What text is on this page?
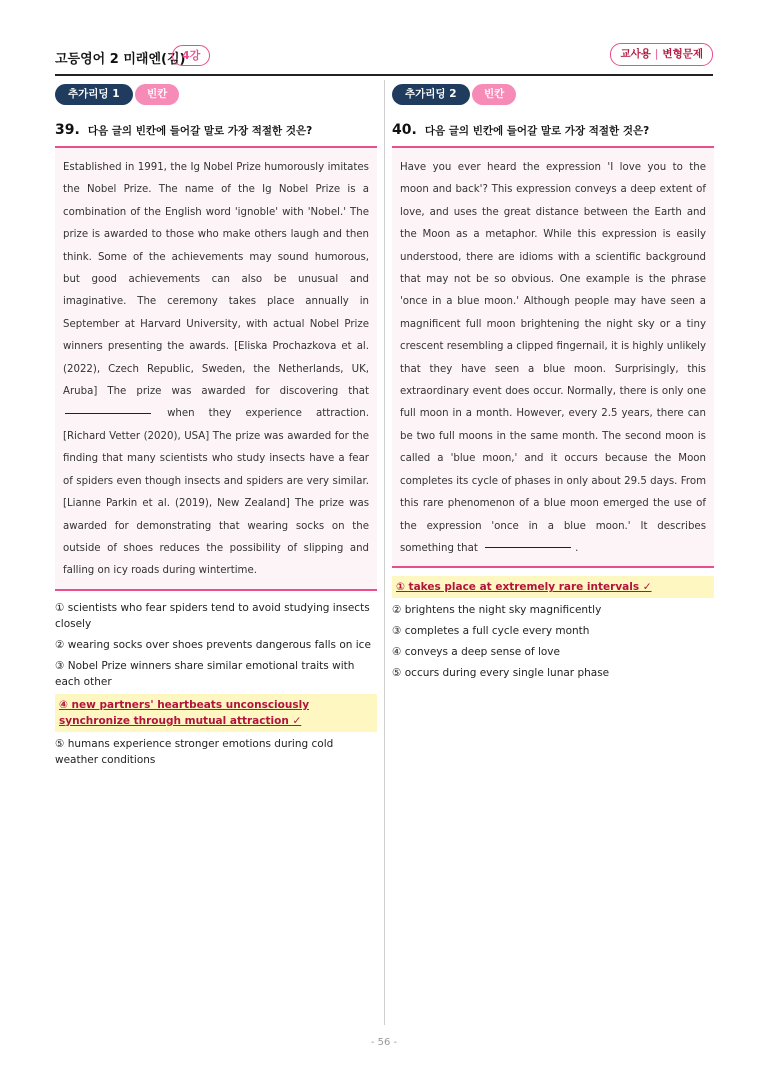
고등영어 2 미래엔(김)
4강	교사용 | 변형문제
추가리딩 1	빈칸
39. 다음 글의 빈칸에 들어갈 말로 가장 적절한 것은?
Established in 1991, the Ig Nobel Prize humorously imitates the Nobel Prize. The name of the Ig Nobel Prize is a combination of the English word 'ignoble' with 'Nobel.' The prize is awarded to those who make others laugh and then think. Some of the achievements may sound humorous, but good achievements can also be unusual and imaginative. The ceremony takes place annually in September at Harvard University, with actual Nobel Prize winners presenting the awards. [Eliska Prochazkova et al. (2022), Czech Republic, Sweden, the Netherlands, UK, Aruba] The prize was awarded for discovering that  when they experience attraction. [Richard Vetter (2020), USA] The prize was awarded for the finding that many scientists who study insects have a fear of spiders even though insects and spiders are very similar. [Lianne Parkin et al. (2019), New Zealand] The prize was awarded for demonstrating that wearing socks on the outside of shoes reduces the possibility of slipping and falling on icy roads during wintertime.
① scientists who fear spiders tend to avoid studying insects closely
② wearing socks over shoes prevents dangerous falls on ice
③ Nobel Prize winners share similar emotional traits with each other
④ new partners' heartbeats unconsciously synchronize through mutual attraction ✓
⑤ humans experience stronger emotions during cold weather conditions
추가리딩 2	빈칸
40. 다음 글의 빈칸에 들어갈 말로 가장 적절한 것은?
Have you ever heard the expression 'I love you to the moon and back'? This expression conveys a deep extent of love, and uses the great distance between the Earth and the Moon as a metaphor. While this expression is easily understood, there are idioms with a scientific background that may not be so obvious. One example is the phrase 'once in a blue moon.' Although people may have seen a magnificent full moon brightening the night sky or a tiny crescent resembling a clipped fingernail, it is highly unlikely that they have seen a blue moon. Surprisingly, this extraordinary event does occur. Normally, there is only one full moon in a month. However, every 2.5 years, there can be two full moons in the same month. The second moon is called a 'blue moon,' and it occurs because the Moon completes its cycle of phases in only about 29.5 days. From this rare phenomenon of a blue moon emerged the use of the expression 'once in a blue moon.' It describes something that	.
① takes place at extremely rare intervals ✓
② brightens the night sky magnificently
③ completes a full cycle every month
④ conveys a deep sense of love
⑤ occurs during every single lunar phase
- 56 -
